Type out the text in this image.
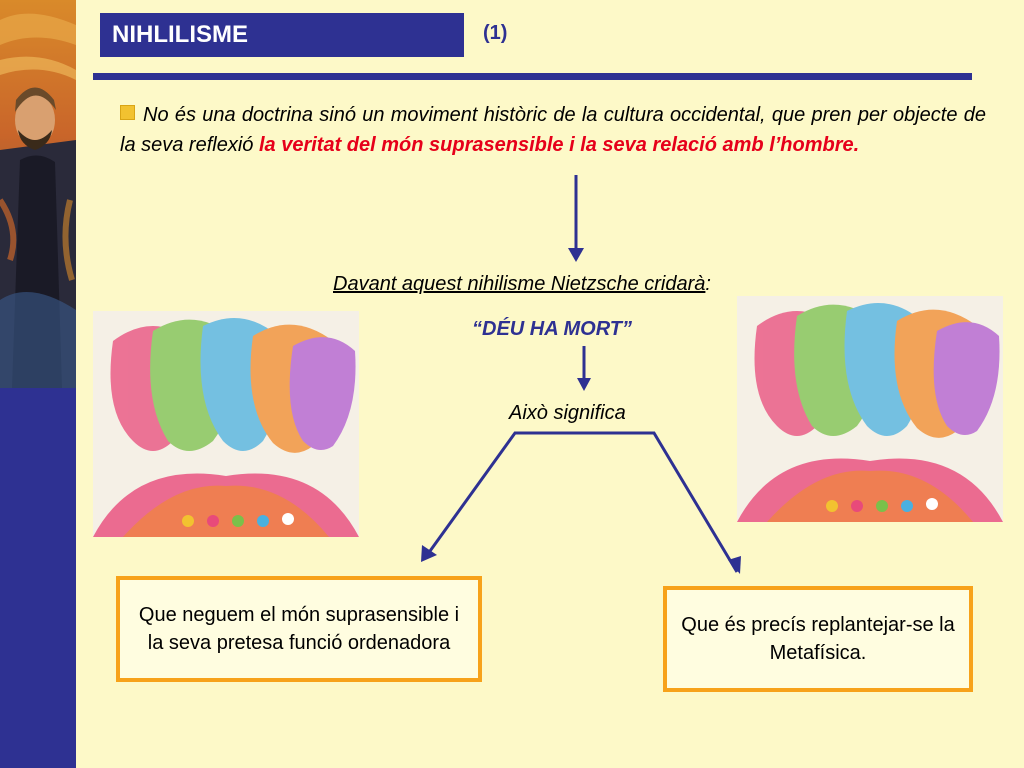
NIHLILISME	(1)
No és una doctrina sinó un moviment històric de la cultura occidental, que pren per objecte de la seva reflexió la veritat del món suprasensible i la seva relació amb l’hombre.
Davant aquest nihilisme Nietzsche cridarà:
“DÉU HA MORT”
Això significa
Que neguem el món suprasensible i la seva pretesa funció ordenadora
Que és precís replantejar-se la Metafísica.
